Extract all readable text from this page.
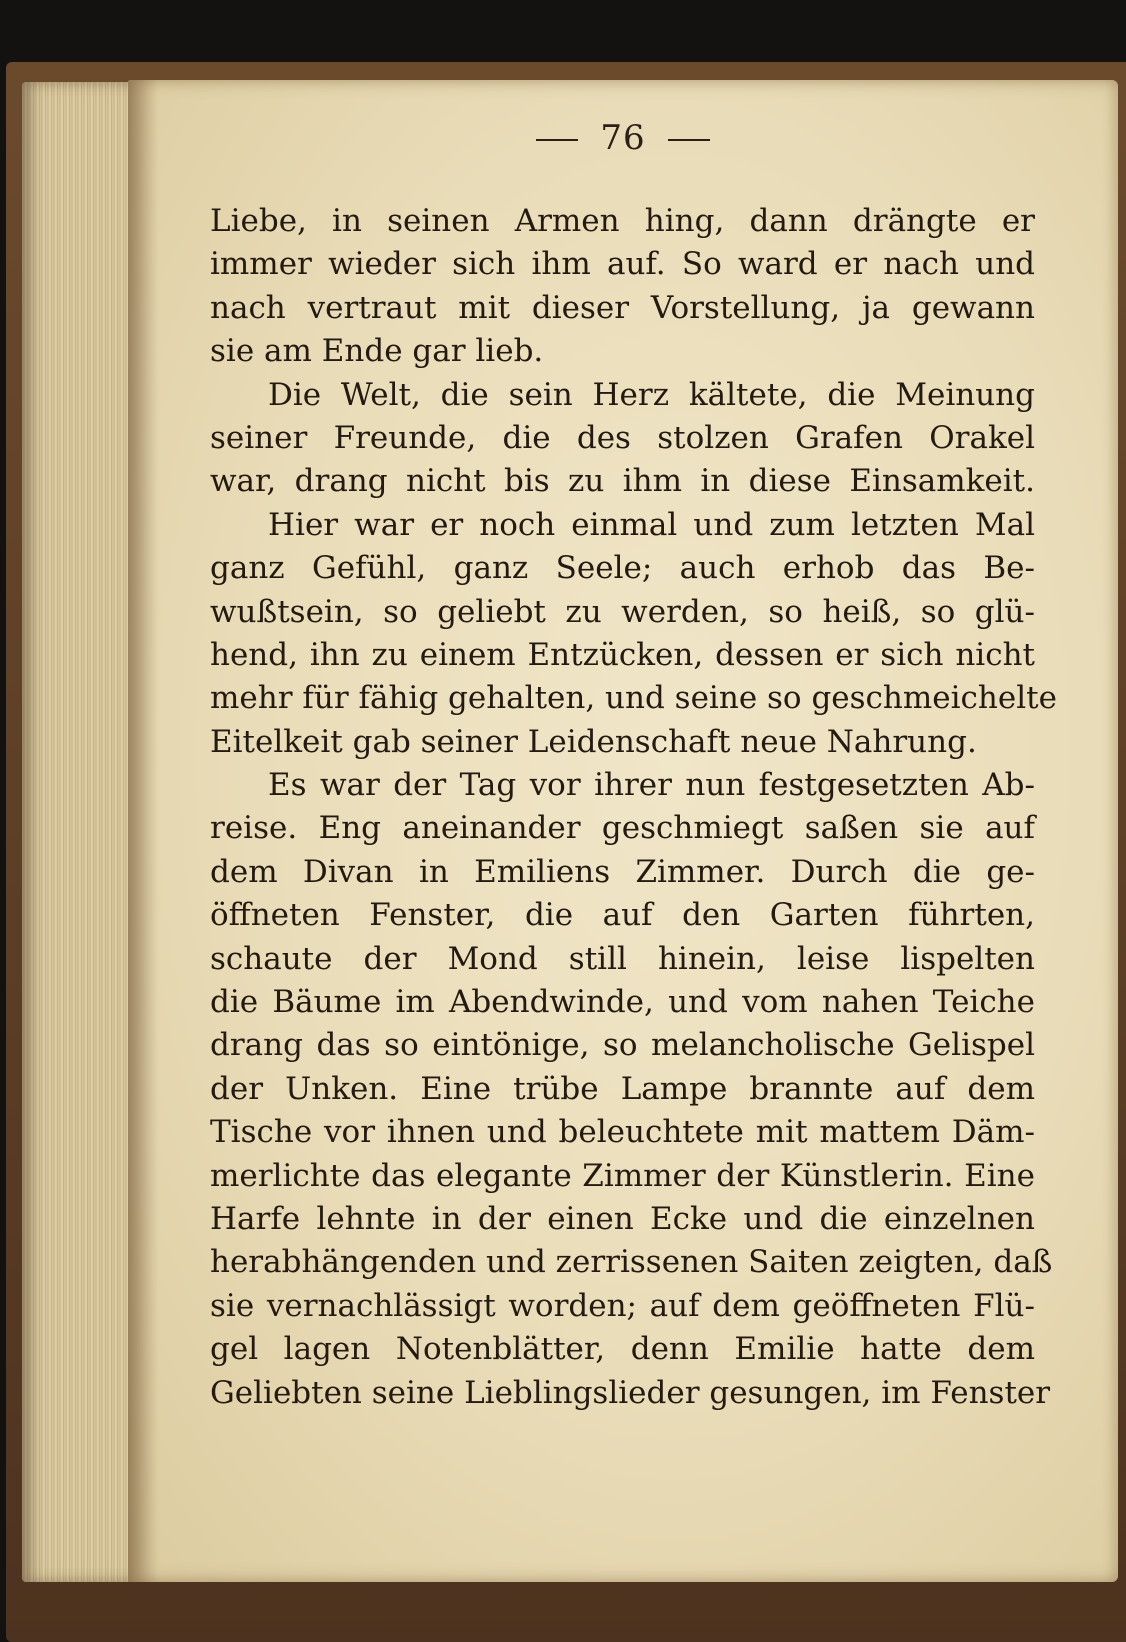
76
Liebe, in seinen Armen hing, dann drängte er
immer wieder sich ihm auf. So ward er nach und
nach vertraut mit dieser Vorstellung, ja gewann
sie am Ende gar lieb.
Die Welt, die sein Herz kältete, die Meinung
seiner Freunde, die des stolzen Grafen Orakel
war, drang nicht bis zu ihm in diese Einsamkeit.
Hier war er noch einmal und zum letzten Mal
ganz Gefühl, ganz Seele; auch erhob das Be-
wußtsein, so geliebt zu werden, so heiß, so glü-
hend, ihn zu einem Entzücken, dessen er sich nicht
mehr für fähig gehalten, und seine so geschmeichelte
Eitelkeit gab seiner Leidenschaft neue Nahrung.
Es war der Tag vor ihrer nun festgesetzten Ab-
reise. Eng aneinander geschmiegt saßen sie auf
dem Divan in Emiliens Zimmer. Durch die ge-
öffneten Fenster, die auf den Garten führten,
schaute der Mond still hinein, leise lispelten
die Bäume im Abendwinde, und vom nahen Teiche
drang das so eintönige, so melancholische Gelispel
der Unken. Eine trübe Lampe brannte auf dem
Tische vor ihnen und beleuchtete mit mattem Däm-
merlichte das elegante Zimmer der Künstlerin. Eine
Harfe lehnte in der einen Ecke und die einzelnen
herabhängenden und zerrissenen Saiten zeigten, daß
sie vernachlässigt worden; auf dem geöffneten Flü-
gel lagen Notenblätter, denn Emilie hatte dem
Geliebten seine Lieblingslieder gesungen, im Fenster
